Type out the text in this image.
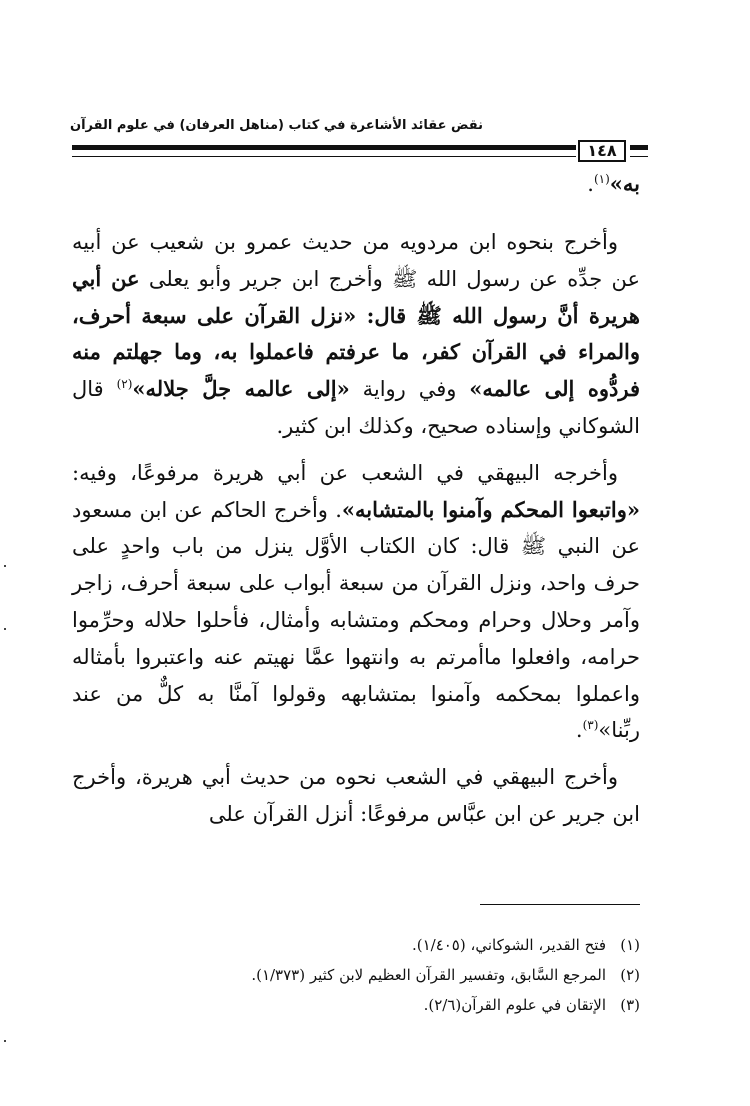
نقض عقائد الأشاعرة في كتاب (مناهل العرفان) في علوم القرآن
١٤٨
به»$^{(١)}$.

وأخرج بنحوه ابن مردويه من حديث عمرو بن شعيب عن أبيه عن جدِّه عن رسول الله ﷺ وأخرج ابن جرير وأبو يعلى عن أبي هريرة أنَّ رسول الله ﷺ قال: «نزل القرآن على سبعة أحرف، والمراء في القرآن كفر، ما عرفتم فاعملوا به، وما جهلتم منه فردُّوه إلى عالمه» وفي رواية «إلى عالمه جلَّ جلاله»$^{(٢)}$ قال الشوكاني وإسناده صحيح، وكذلك ابن كثير.

وأخرجه البيهقي في الشعب عن أبي هريرة مرفوعًا، وفيه: «واتبعوا المحكم وآمنوا بالمتشابه». وأخرج الحاكم عن ابن مسعود عن النبي ﷺ قال: كان الكتاب الأوَّل ينزل من باب واحدٍ على حرف واحد، ونزل القرآن من سبعة أبواب على سبعة أحرف، زاجر وآمر وحلال وحرام ومحكم ومتشابه وأمثال، فأحلوا حلاله وحرِّموا حرامه، وافعلوا ماأمرتم به وانتهوا عمَّا نهيتم عنه واعتبروا بأمثاله واعملوا بمحكمه وآمنوا بمتشابهه وقولوا آمنَّا به كلٌّ من عند ربِّنا»$^{(٣)}$.

وأخرج البيهقي في الشعب نحوه من حديث أبي هريرة، وأخرج ابن جرير عن ابن عبَّاس مرفوعًا: أنزل القرآن على

(١)فتح القدير، الشوكاني، (١/٤٠٥).
(٢)المرجع السَّابق، وتفسير القرآن العظيم لابن كثير (١/٣٧٣).
(٣)الإتقان في علوم القرآن(٢/٦).
